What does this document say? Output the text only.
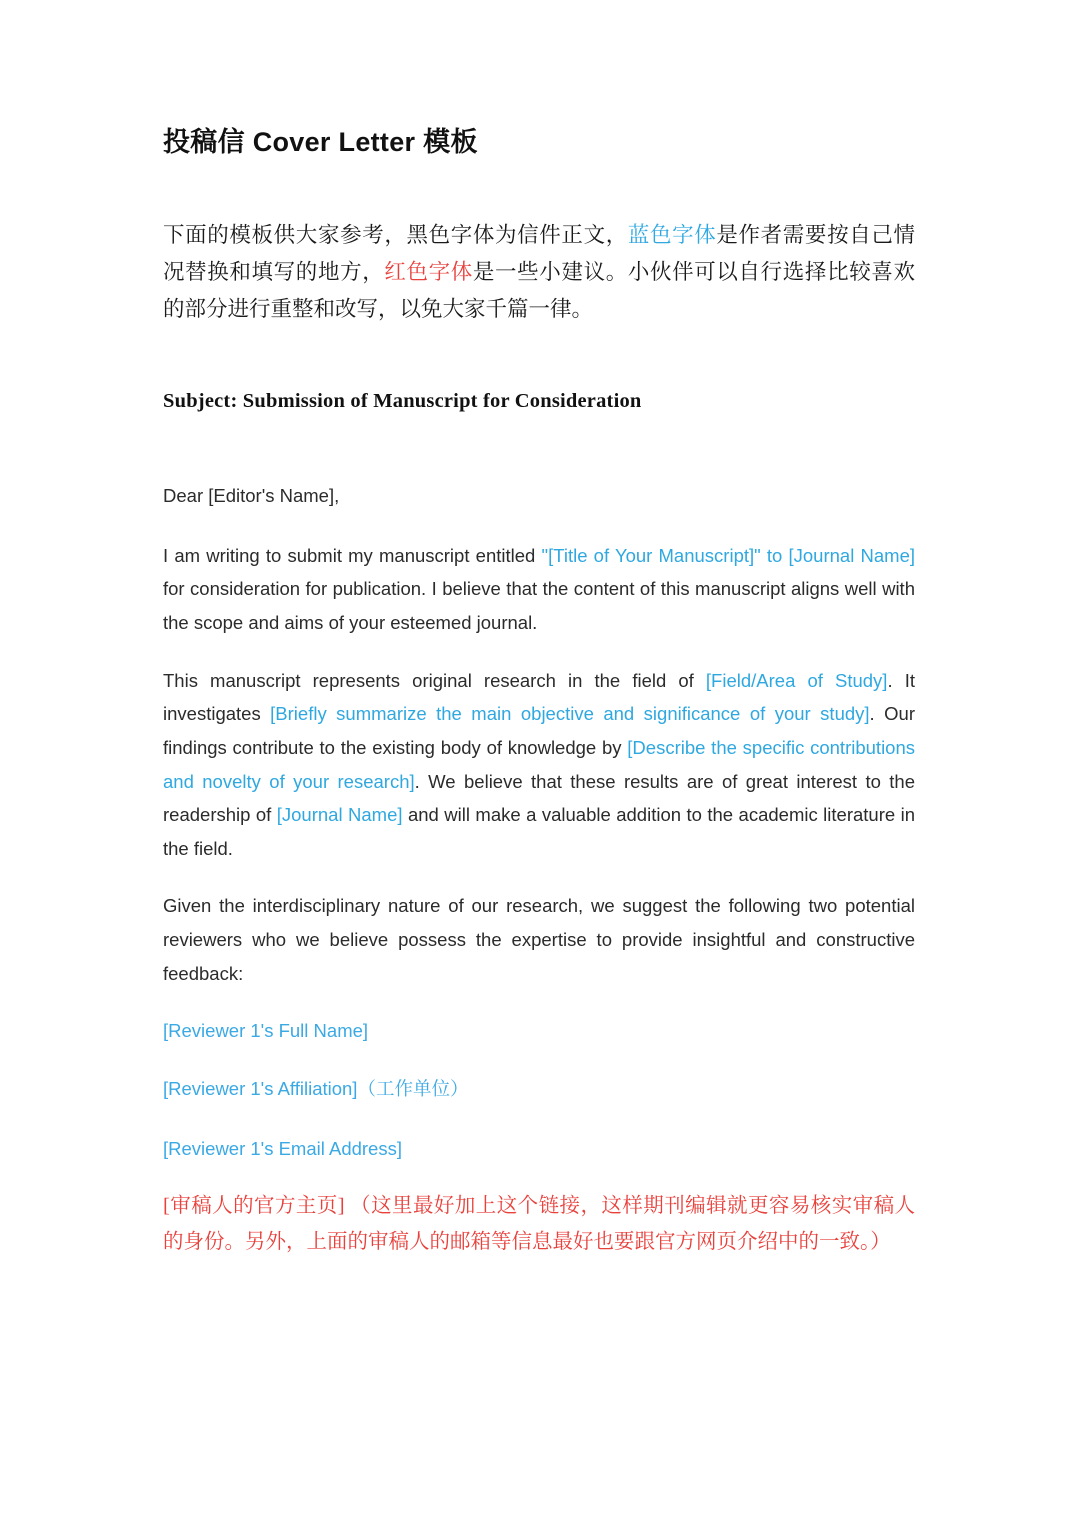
投稿信 Cover Letter 模板

下面的模板供大家参考，黑色字体为信件正文，蓝色字体是作者需要按自己情况替换和填写的地方，红色字体是一些小建议。小伙伴可以自行选择比较喜欢的部分进行重整和改写，以免大家千篇一律。

Subject: Submission of Manuscript for Consideration

Dear [Editor's Name],

I am writing to submit my manuscript entitled "[Title of Your Manuscript]" to [Journal Name] for consideration for publication. I believe that the content of this manuscript aligns well with the scope and aims of your esteemed journal.

This manuscript represents original research in the field of [Field/Area of Study]. It investigates [Briefly summarize the main objective and significance of your study]. Our findings contribute to the existing body of knowledge by [Describe the specific contributions and novelty of your research]. We believe that these results are of great interest to the readership of [Journal Name] and will make a valuable addition to the academic literature in the field.

Given the interdisciplinary nature of our research, we suggest the following two potential reviewers who we believe possess the expertise to provide insightful and constructive feedback:

[Reviewer 1's Full Name]

[Reviewer 1's Affiliation]（工作单位）

[Reviewer 1's Email Address]

[审稿人的官方主页] （这里最好加上这个链接，这样期刊编辑就更容易核实审稿人的身份。另外，上面的审稿人的邮箱等信息最好也要跟官方网页介绍中的一致。）
